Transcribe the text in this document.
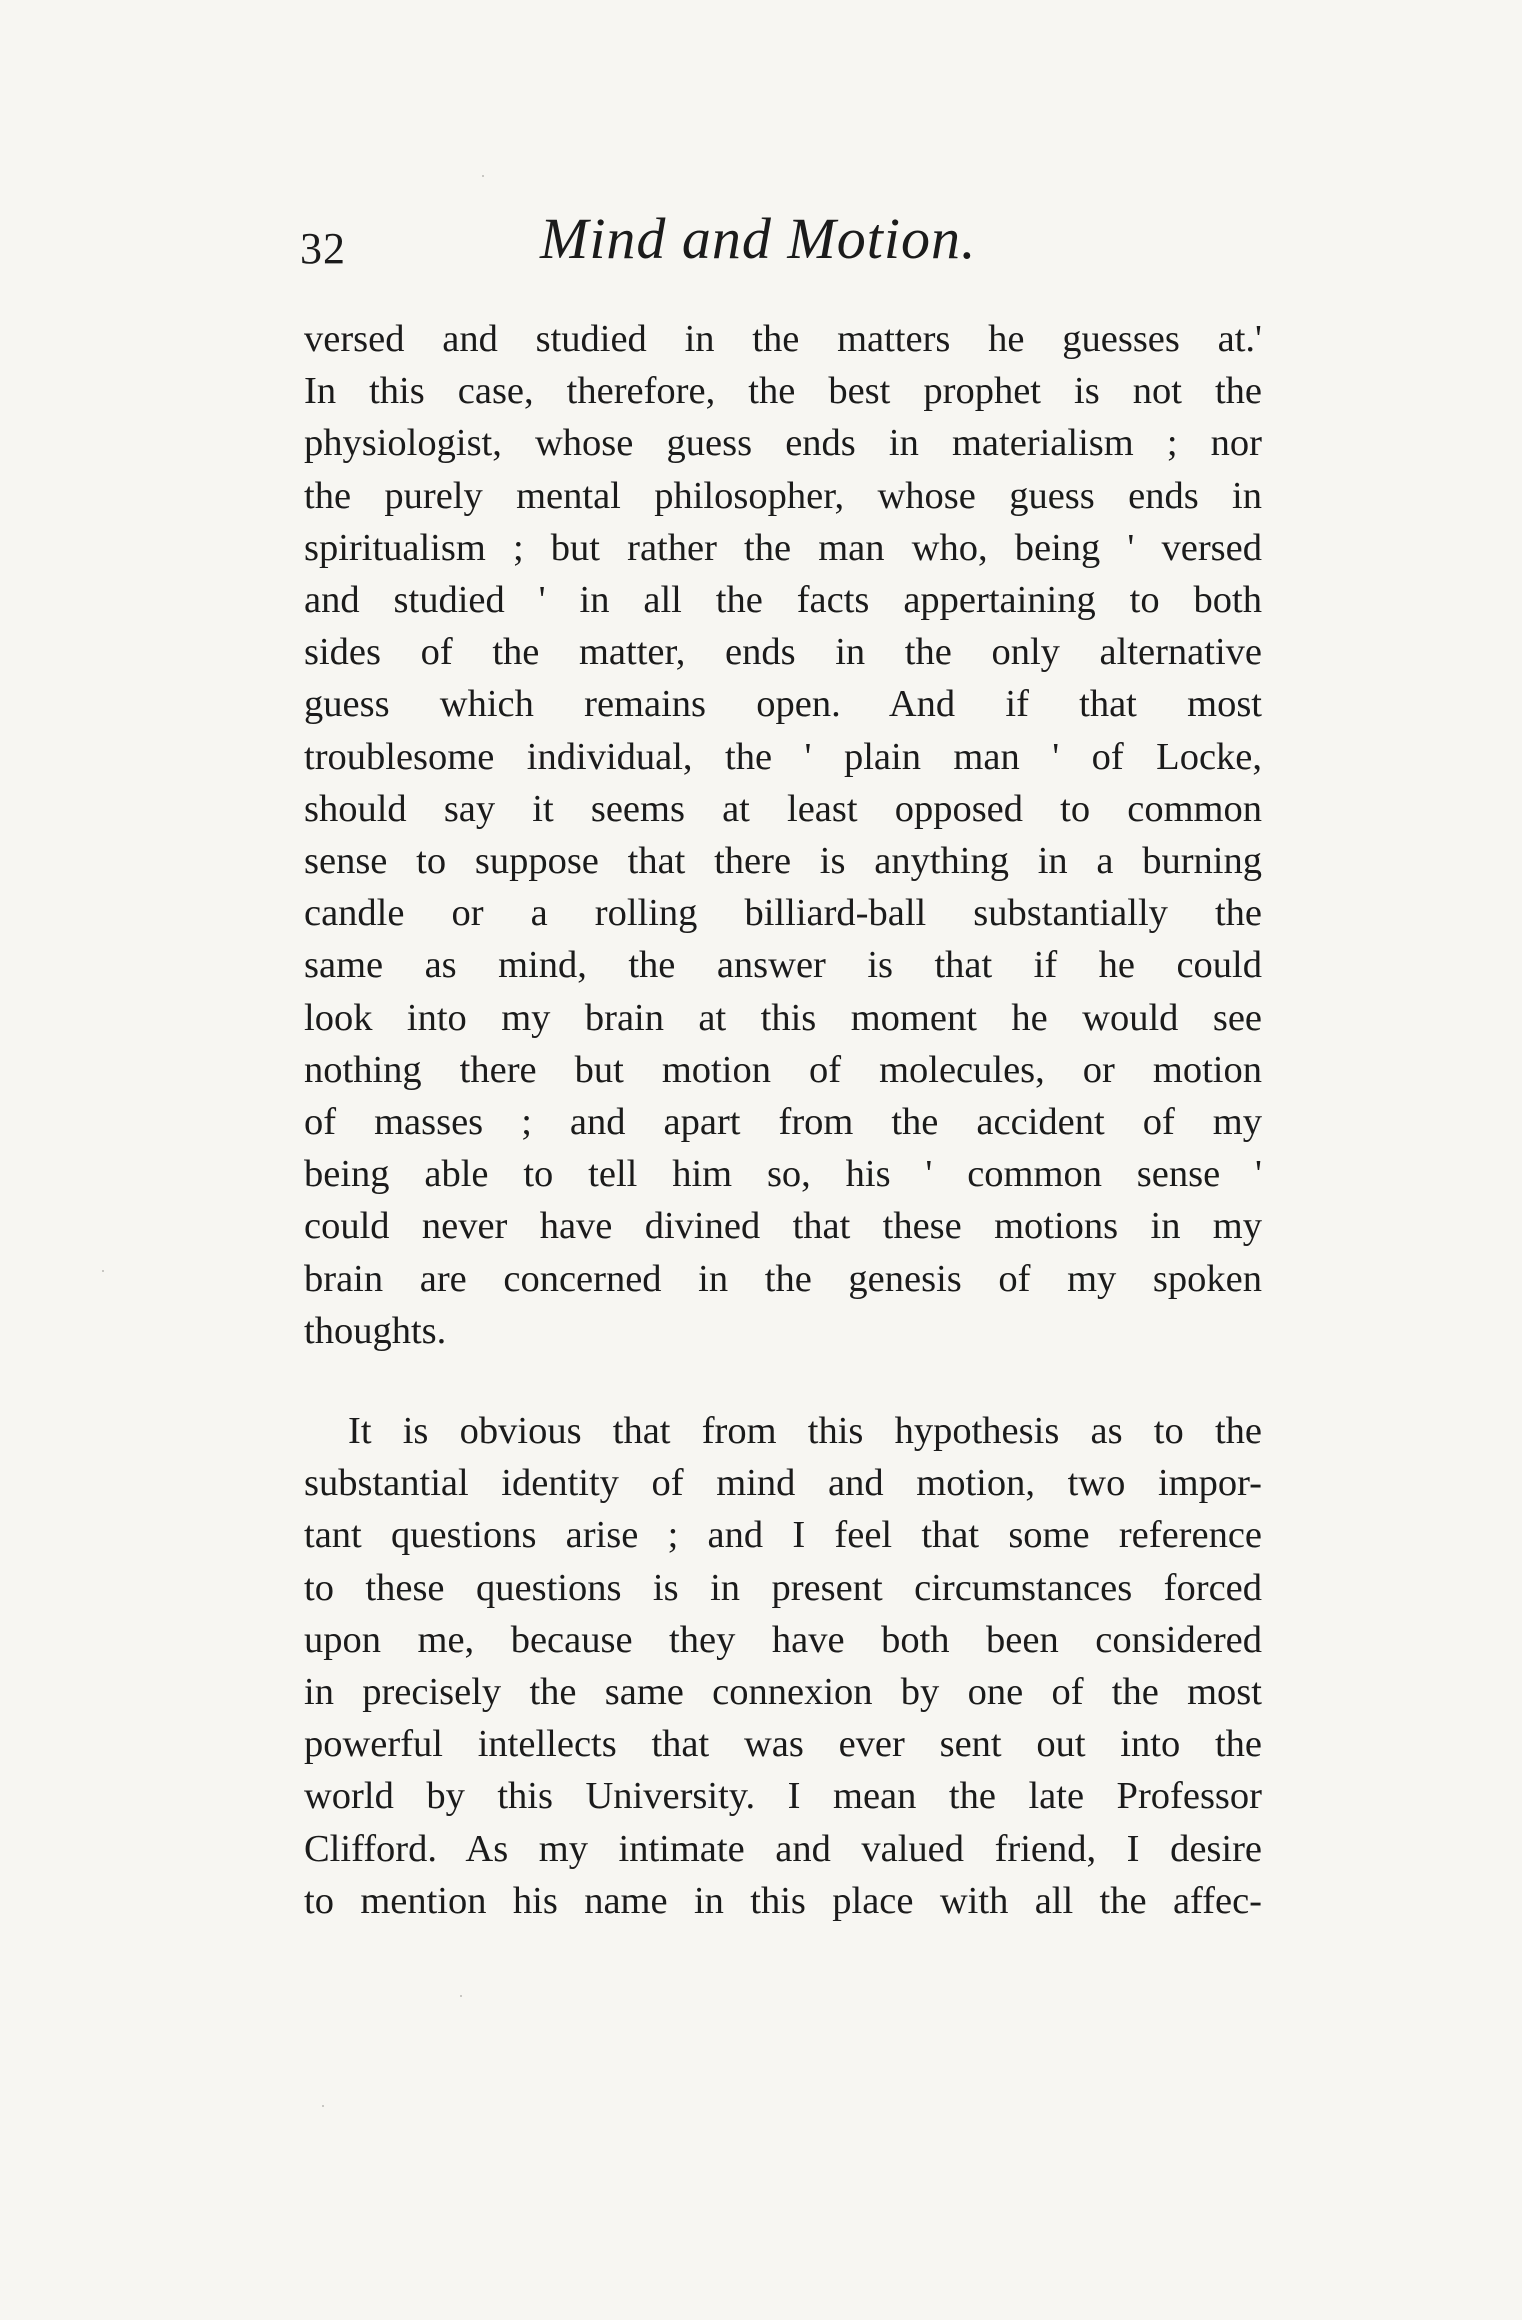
32	Mind and Motion.

versed and studied in the matters he guesses at.'
In this case, therefore, the best prophet is not the
physiologist, whose guess ends in materialism ; nor
the purely mental philosopher, whose guess ends in
spiritualism ; but rather the man who, being ' versed
and studied ' in all the facts appertaining to both
sides of the matter, ends in the only alternative
guess which remains open. And if that most
troublesome individual, the ' plain man ' of Locke,
should say it seems at least opposed to common
sense to suppose that there is anything in a burning
candle or a rolling billiard-ball substantially the
same as mind, the answer is that if he could
look into my brain at this moment he would see
nothing there but motion of molecules, or motion
of masses ; and apart from the accident of my
being able to tell him so, his ' common sense '
could never have divined that these motions in my
brain are concerned in the genesis of my spoken
thoughts.

It is obvious that from this hypothesis as to the
substantial identity of mind and motion, two impor-
tant questions arise ; and I feel that some reference
to these questions is in present circumstances forced
upon me, because they have both been considered
in precisely the same connexion by one of the most
powerful intellects that was ever sent out into the
world by this University. I mean the late Professor
Clifford. As my intimate and valued friend, I desire
to mention his name in this place with all the affec-
